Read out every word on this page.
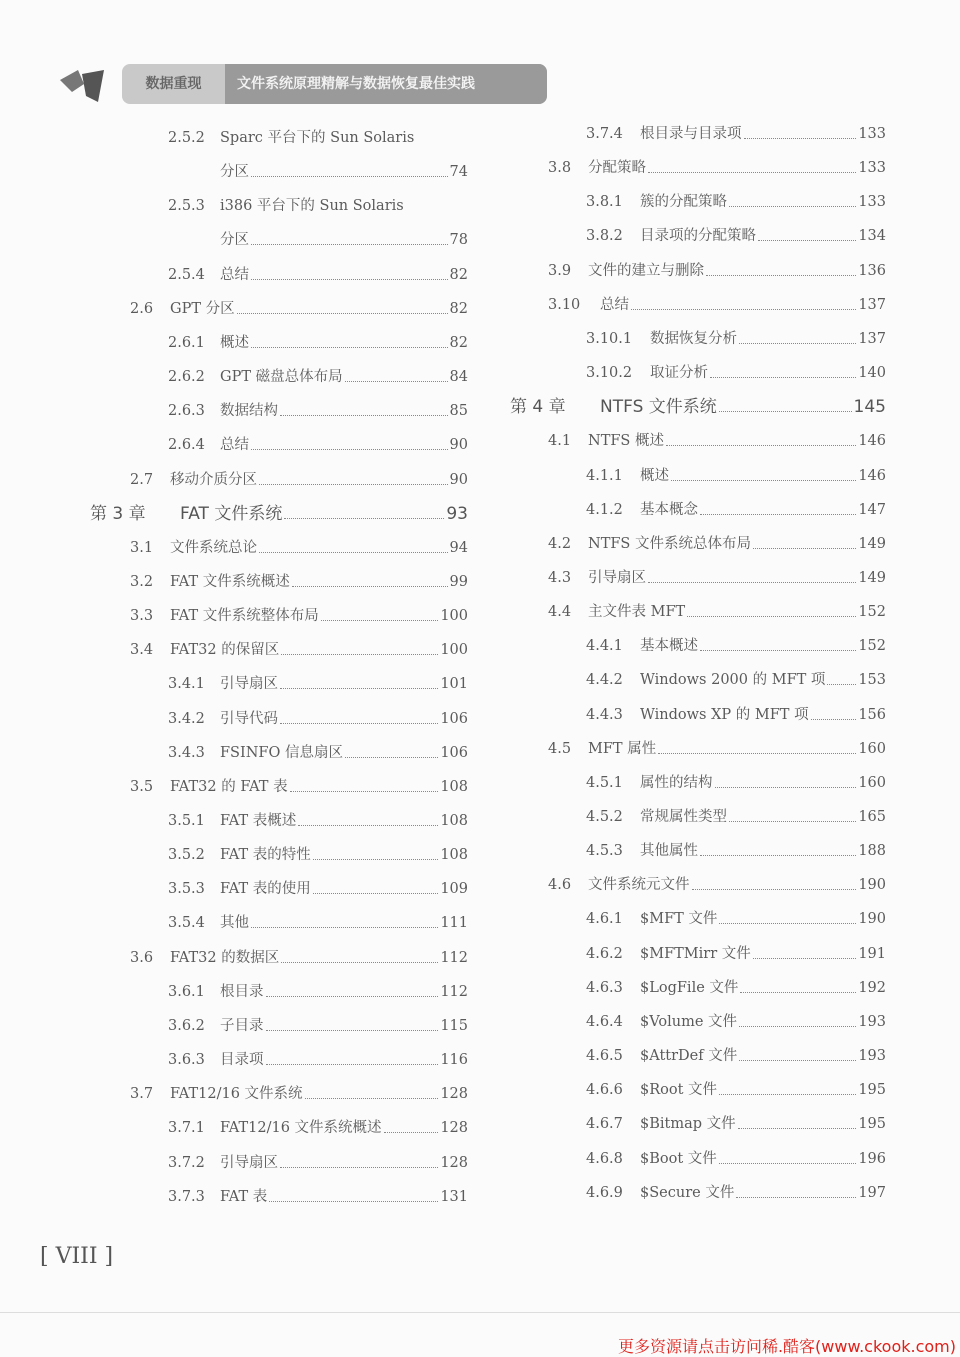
数据重现	文件系统原理精解与数据恢复最佳实践
2.5.2 Sparc 平台下的 Sun Solaris
分区	74
2.5.3 i386 平台下的 Sun Solaris
分区	78
2.5.4 总结	82
2.6 GPT 分区	82
2.6.1 概述	82
2.6.2 GPT 磁盘总体布局	84
2.6.3 数据结构	85
2.6.4 总结	90
2.7 移动介质分区	90
第 3 章 FAT 文件系统	93
3.1 文件系统总论	94
3.2 FAT 文件系统概述	99
3.3 FAT 文件系统整体布局	100
3.4 FAT32 的保留区	100
3.4.1 引导扇区	101
3.4.2 引导代码	106
3.4.3 FSINFO 信息扇区	106
3.5 FAT32 的 FAT 表	108
3.5.1 FAT 表概述	108
3.5.2 FAT 表的特性	108
3.5.3 FAT 表的使用	109
3.5.4 其他	111
3.6 FAT32 的数据区	112
3.6.1 根目录	112
3.6.2 子目录	115
3.6.3 目录项	116
3.7 FAT12/16 文件系统	128
3.7.1 FAT12/16 文件系统概述	128
3.7.2 引导扇区	128
3.7.3 FAT 表	131
3.7.4 根目录与目录项	133
3.8 分配策略	133
3.8.1 簇的分配策略	133
3.8.2 目录项的分配策略	134
3.9 文件的建立与删除	136
3.10 总结	137
3.10.1 数据恢复分析	137
3.10.2 取证分析	140
第 4 章 NTFS 文件系统	145
4.1 NTFS 概述	146
4.1.1 概述	146
4.1.2 基本概念	147
4.2 NTFS 文件系统总体布局	149
4.3 引导扇区	149
4.4 主文件表 MFT	152
4.4.1 基本概述	152
4.4.2 Windows 2000 的 MFT 项 153
4.4.3 Windows XP 的 MFT 项	156
4.5 MFT 属性	160
4.5.1 属性的结构	160
4.5.2 常规属性类型	165
4.5.3 其他属性	188
4.6 文件系统元文件	190
4.6.1 $MFT 文件	190
4.6.2 $MFTMirr 文件	191
4.6.3 $LogFile 文件	192
4.6.4 $Volume 文件	193
4.6.5 $AttrDef 文件	193
4.6.6 $Root 文件	195
4.6.7 $Bitmap 文件	195
4.6.8 $Boot 文件	196
4.6.9 $Secure 文件	197
[ VIII ]
更多资源请点击访问稀.酷客(www.ckook.com)
